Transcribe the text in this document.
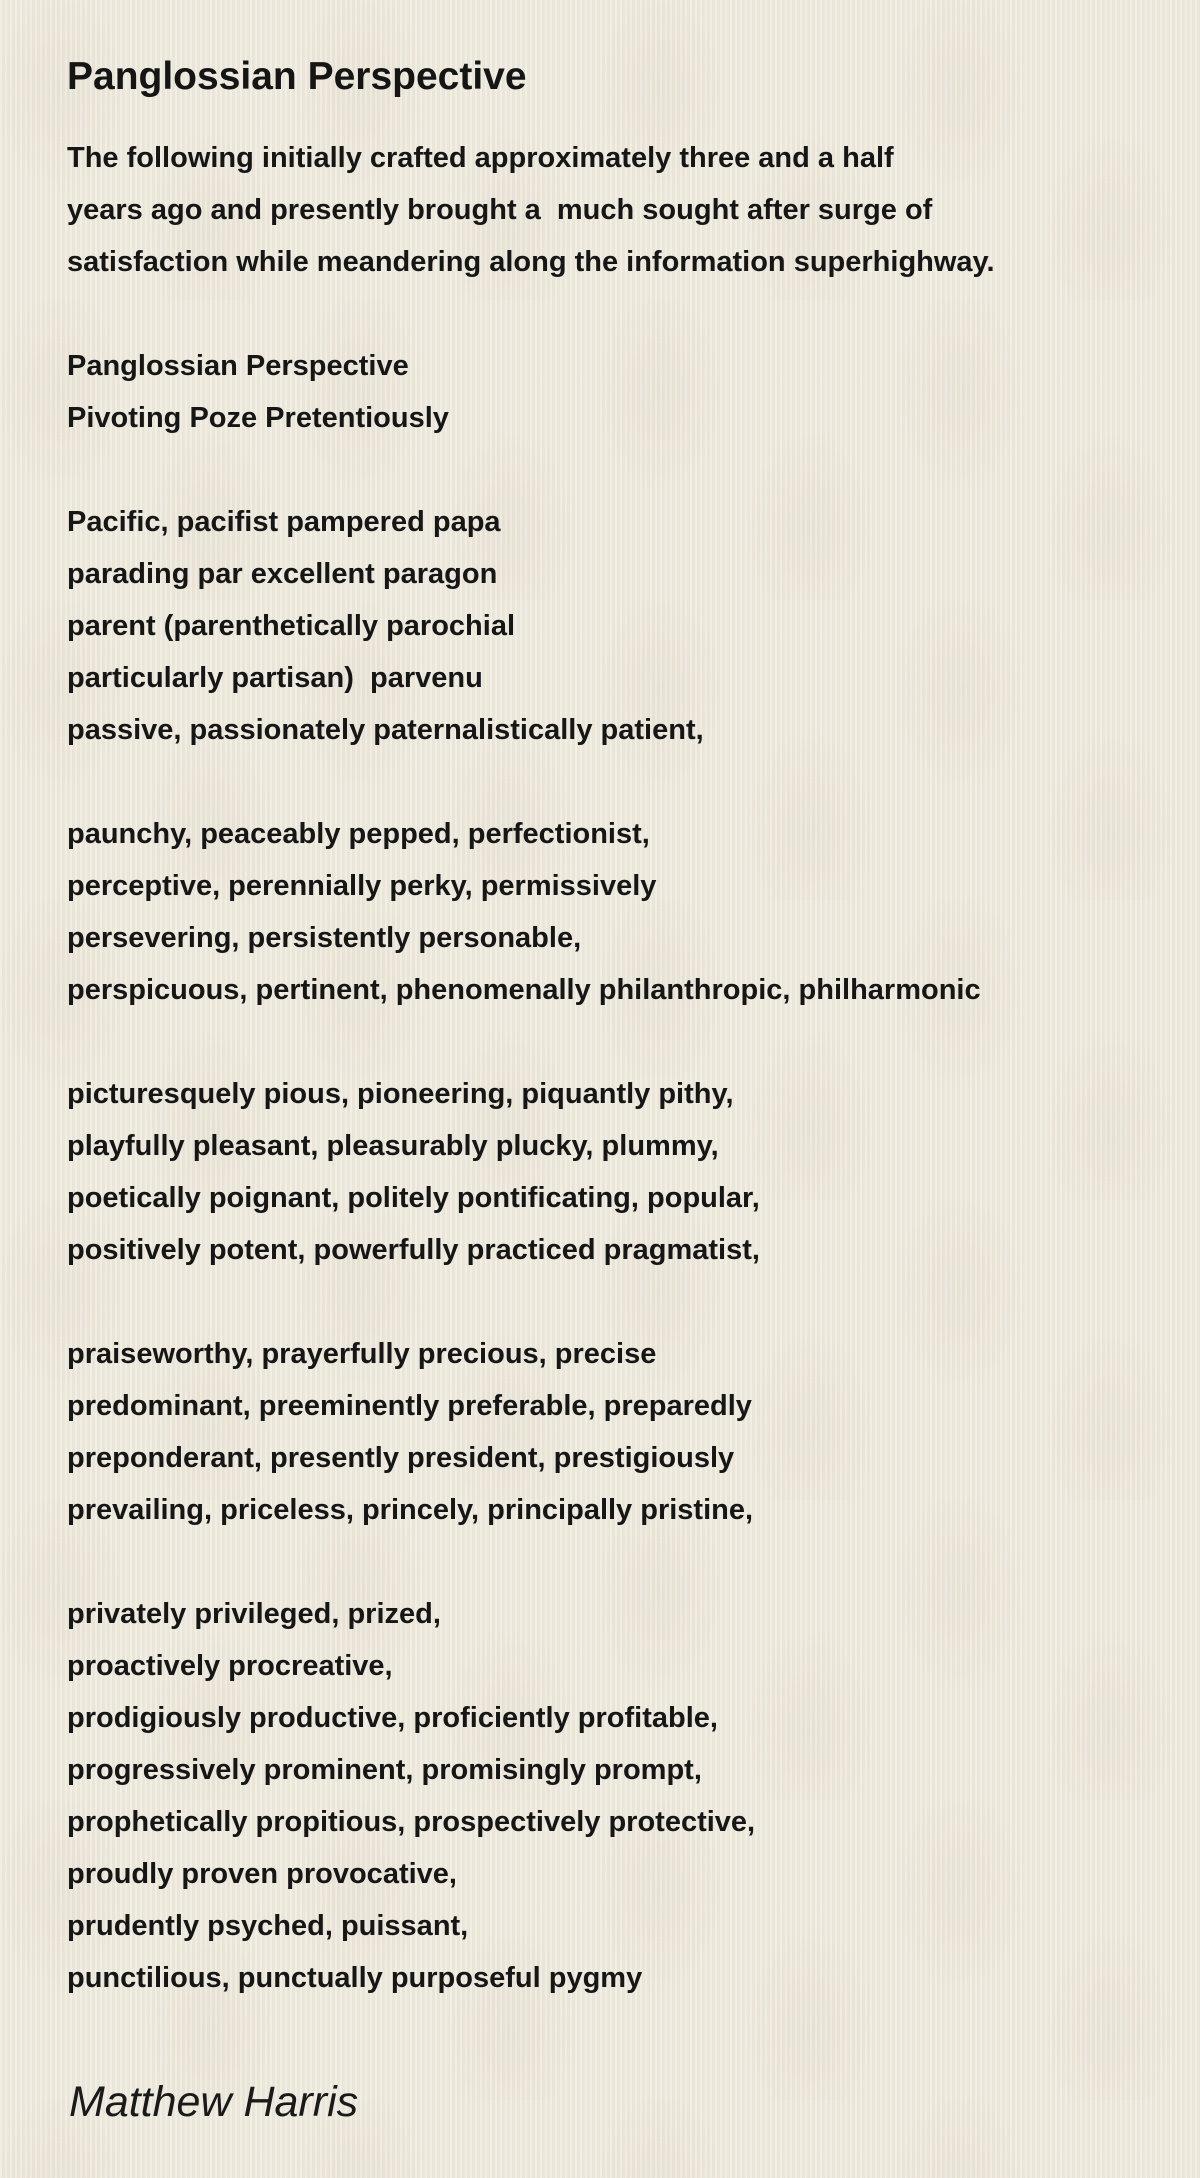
Panglossian Perspective
The following initially crafted approximately three and a half
years ago and presently brought a  much sought after surge of
satisfaction while meandering along the information superhighway.
Panglossian Perspective
Pivoting Poze Pretentiously
Pacific, pacifist pampered papa
parading par excellent paragon
parent (parenthetically parochial
particularly partisan)  parvenu
passive, passionately paternalistically patient,
paunchy, peaceably pepped, perfectionist,
perceptive, perennially perky, permissively
persevering, persistently personable,
perspicuous, pertinent, phenomenally philanthropic, philharmonic
picturesquely pious, pioneering, piquantly pithy,
playfully pleasant, pleasurably plucky, plummy,
poetically poignant, politely pontificating, popular,
positively potent, powerfully practiced pragmatist,
praiseworthy, prayerfully precious, precise
predominant, preeminently preferable, preparedly
preponderant, presently president, prestigiously
prevailing, priceless, princely, principally pristine,
privately privileged, prized,
proactively procreative,
prodigiously productive, proficiently profitable,
progressively prominent, promisingly prompt,
prophetically propitious, prospectively protective,
proudly proven provocative,
prudently psyched, puissant,
punctilious, punctually purposeful pygmy
Matthew Harris
